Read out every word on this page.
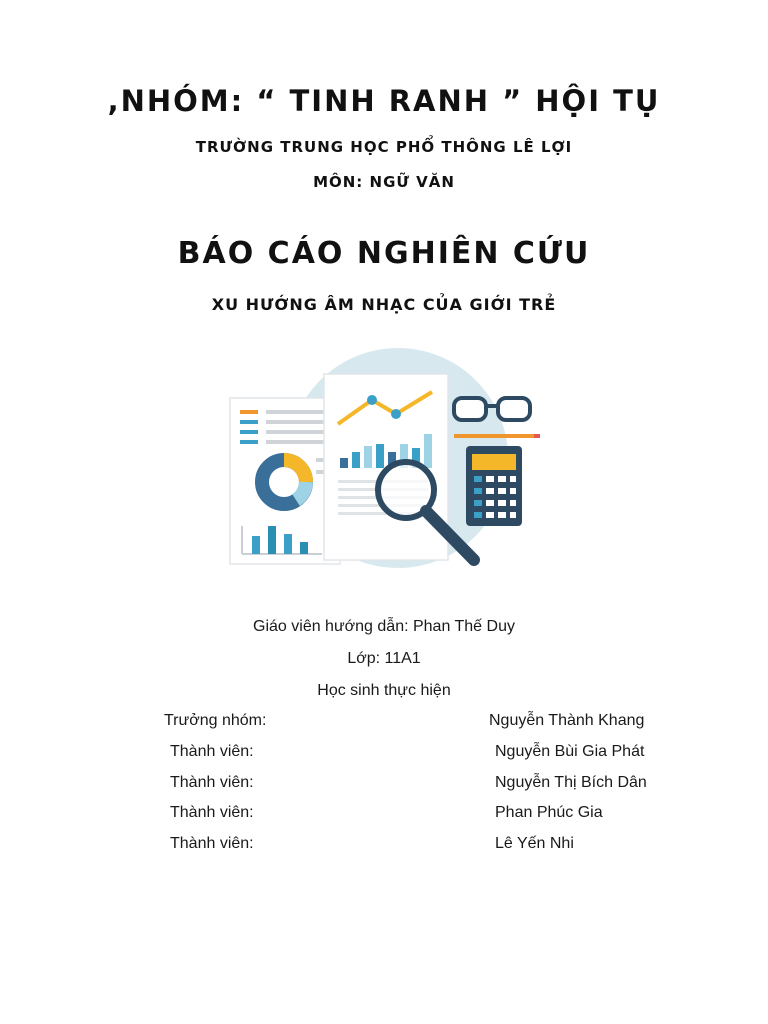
,NHÓM: “ TINH RANH ” HỘI TỤ
TRƯỜNG TRUNG HỌC PHỔ THÔNG LÊ LỢI
MÔN: NGỮ VĂN
BÁO CÁO NGHIÊN CỨU
XU HƯỚNG ÂM NHẠC CỦA GIỚI TRẺ
Giáo viên hướng dẫn: Phan Thế Duy
Lớp: 11A1
Học sinh thực hiện
Trưởng nhóm:	Nguyễn Thành Khang
Thành viên:	Nguyễn Bùi Gia Phát
Thành viên:	Nguyễn Thị Bích Dân
Thành viên:	Phan Phúc Gia
Thành viên:	Lê Yến Nhi
